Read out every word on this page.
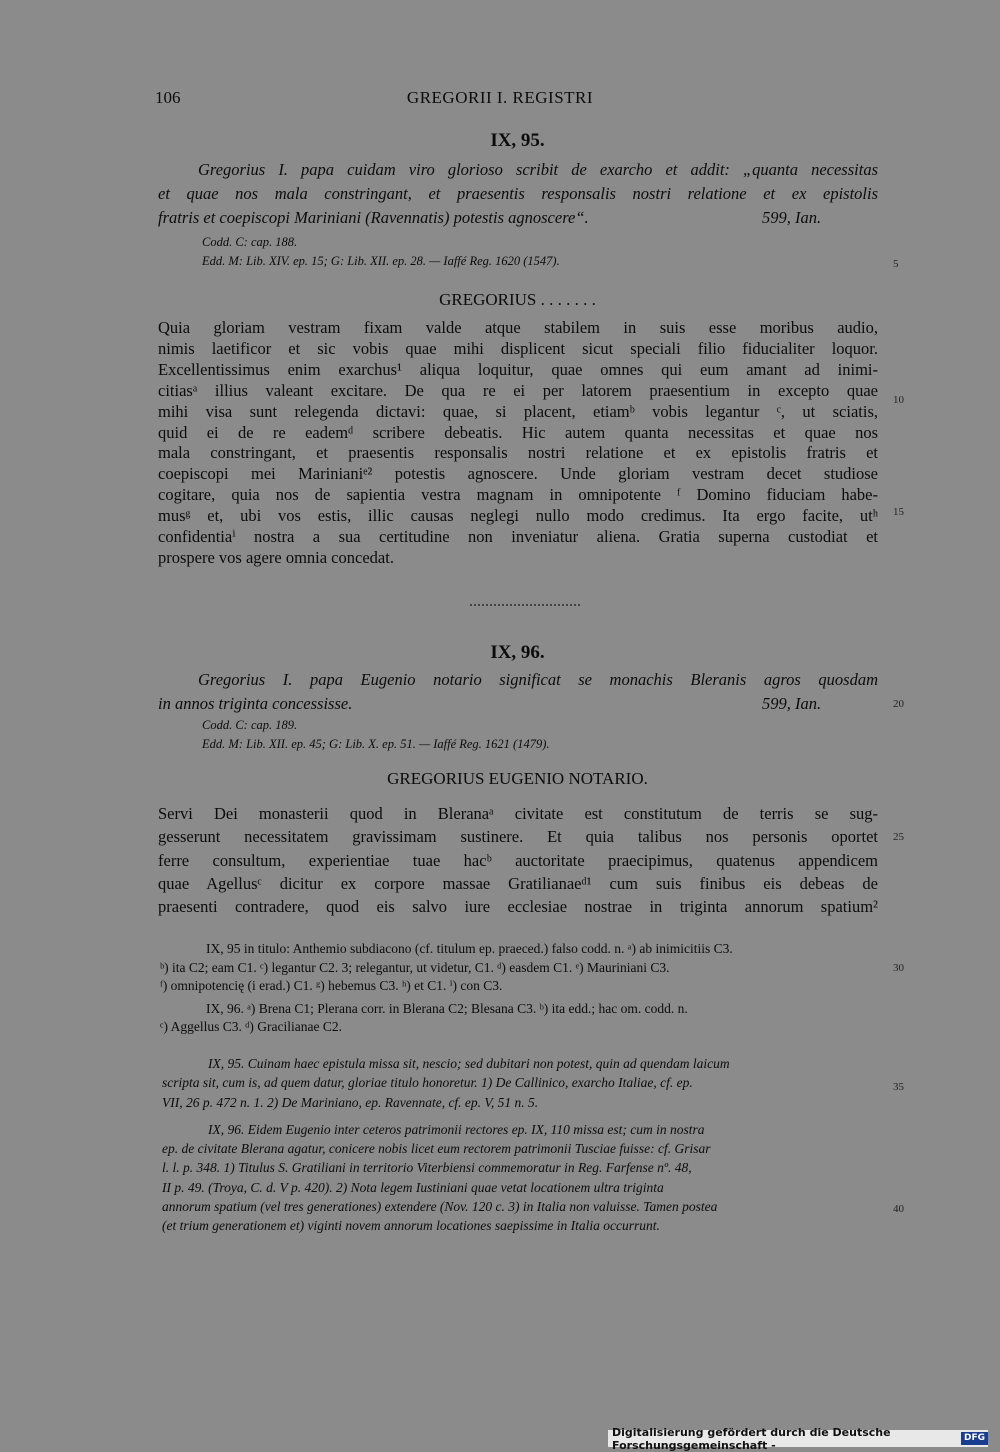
106	GREGORII I. REGISTRI
IX, 95.
Gregorius I. papa cuidam viro glorioso scribit de exarcho et addit: „quanta necessitas
et quae nos mala constringant, et praesentis responsalis nostri relatione et ex epistolis
fratris et coepiscopi Mariniani (Ravennatis) potestis agnoscere“.	599, Ian.
Codd. C: cap. 188.
Edd. M: Lib. XIV. ep. 15; G: Lib. XII. ep. 28. — Iaffé Reg. 1620 (1547).
GREGORIUS . . . . . . .
Quia gloriam vestram fixam valde atque stabilem in suis esse moribus audio,
nimis laetificor et sic vobis quae mihi displicent sicut speciali filio fiducialiter loquor.
Excellentissimus enim exarchus¹ aliqua loquitur, quae omnes qui eum amant ad inimi-
citiasᵃ illius valeant excitare. De qua re ei per latorem praesentium in excepto quae
mihi visa sunt relegenda dictavi: quae, si placent, etiamᵇ vobis legantur ᶜ, ut sciatis,
quid ei de re eademᵈ scribere debeatis. Hic autem quanta necessitas et quae nos
mala constringant, et praesentis responsalis nostri relatione et ex epistolis fratris et
coepiscopi mei Marinianiᵉ² potestis agnoscere. Unde gloriam vestram decet studiose
cogitare, quia nos de sapientia vestra magnam in omnipotente ᶠ Domino fiduciam habe-
musᵍ et, ubi vos estis, illic causas neglegi nullo modo credimus. Ita ergo facite, utʰ
confidentiaⁱ nostra a sua certitudine non inveniatur aliena. Gratia superna custodiat et
prospere vos agere omnia concedat.
IX, 96.
Gregorius I. papa Eugenio notario significat se monachis Bleranis agros quosdam
in annos triginta concessisse.	599, Ian.
Codd. C: cap. 189.
Edd. M: Lib. XII. ep. 45; G: Lib. X. ep. 51. — Iaffé Reg. 1621 (1479).
GREGORIUS EUGENIO NOTARIO.
Servi Dei monasterii quod in Bleranaᵃ civitate est constitutum de terris se sug-
gesserunt necessitatem gravissimam sustinere. Et quia talibus nos personis oportet
ferre consultum, experientiae tuae hacᵇ auctoritate praecipimus, quatenus appendicem
quae Agellusᶜ dicitur ex corpore massae Gratilianaeᵈ¹ cum suis finibus eis debeas de
praesenti contradere, quod eis salvo iure ecclesiae nostrae in triginta annorum spatium²
IX, 95 in titulo: Anthemio subdiacono (cf. titulum ep. praeced.) falso codd. n. ᵃ) ab inimicitiis C3.
ᵇ) ita C2; eam C1. ᶜ) legantur C2. 3; relegantur, ut videtur, C1. ᵈ) easdem C1. ᵉ) Mauriniani C3.
ᶠ) omnipotencię (i erad.) C1. ᵍ) hebemus C3. ʰ) et C1. ⁱ) con C3.
IX, 96. ᵃ) Brena C1; Plerana corr. in Blerana C2; Blesana C3. ᵇ) ita edd.; hac om. codd. n.
ᶜ) Aggellus C3. ᵈ) Gracilianae C2.
IX, 95. Cuinam haec epistula missa sit, nescio; sed dubitari non potest, quin ad quendam laicum
scripta sit, cum is, ad quem datur, gloriae titulo honoretur. 1) De Callinico, exarcho Italiae, cf. ep.
VII, 26 p. 472 n. 1. 2) De Mariniano, ep. Ravennate, cf. ep. V, 51 n. 5.
IX, 96. Eidem Eugenio inter ceteros patrimonii rectores ep. IX, 110 missa est; cum in nostra
ep. de civitate Blerana agatur, conicere nobis licet eum rectorem patrimonii Tusciae fuisse: cf. Grisar
l. l. p. 348. 1) Titulus S. Gratiliani in territorio Viterbiensi commemoratur in Reg. Farfense nº. 48,
II p. 49. (Troya, C. d. V p. 420). 2) Nota legem Iustiniani quae vetat locationem ultra triginta
annorum spatium (vel tres generationes) extendere (Nov. 120 c. 3) in Italia non valuisse. Tamen postea
(et trium generationem et) viginti novem annorum locationes saepissime in Italia occurrunt.
5
10
15
20
25
30
35
40
Digitalisierung gefördert durch die Deutsche Forschungsgemeinschaft -
DFG
